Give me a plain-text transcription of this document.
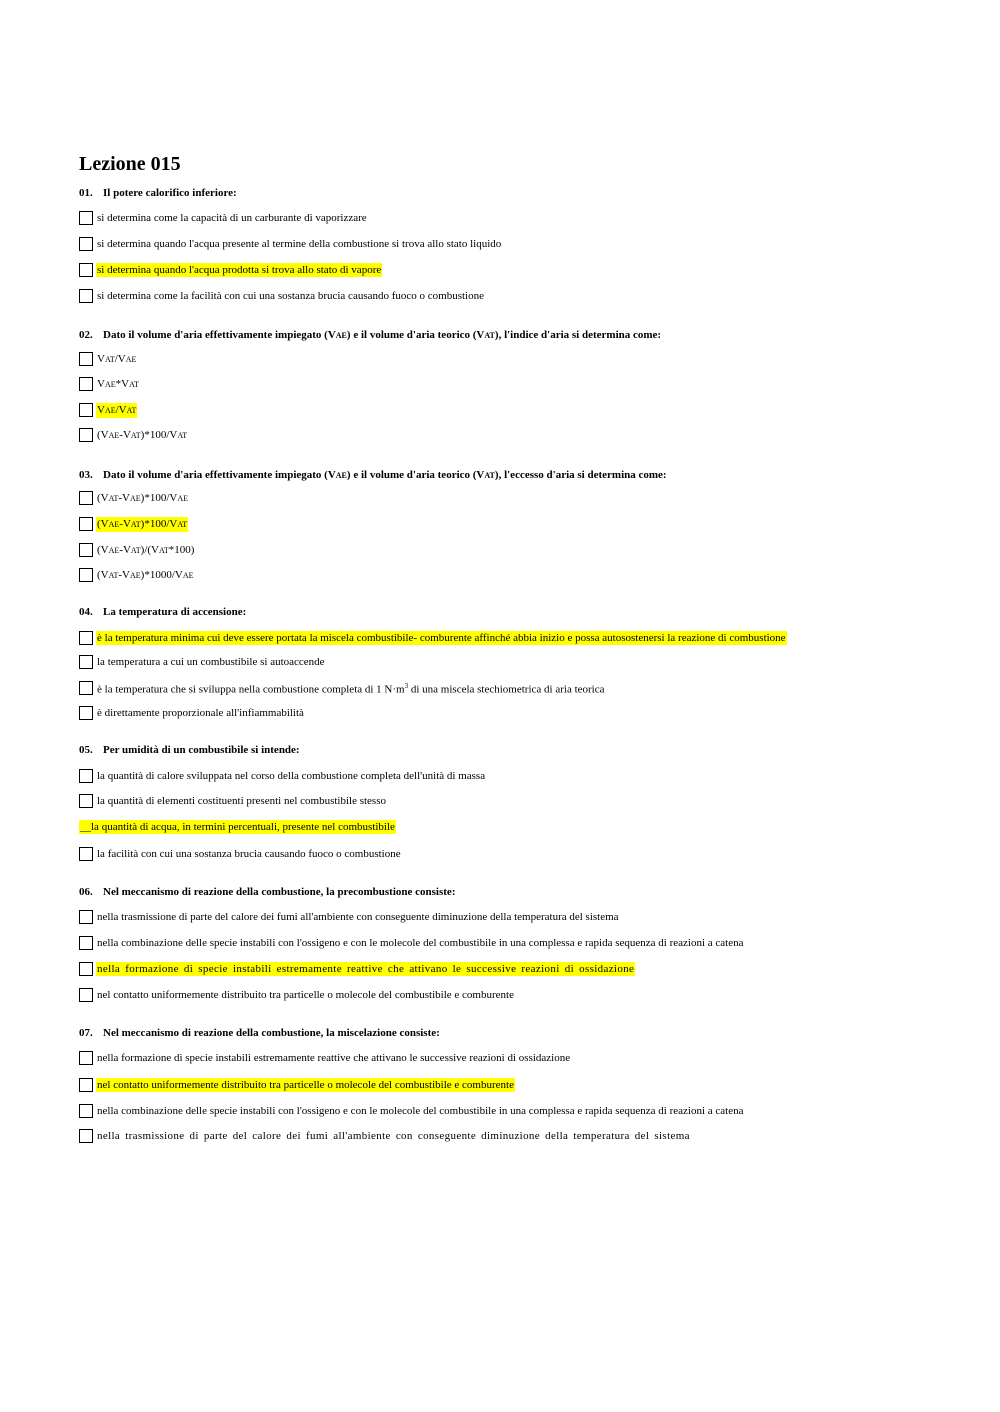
Lezione 015
01. Il potere calorifico inferiore:
si determina come la capacità di un carburante di vaporizzare
si determina quando l'acqua presente al termine della combustione si trova allo stato liquido
si determina quando l'acqua prodotta si trova allo stato di vapore
si determina come la facilità con cui una sostanza brucia causando fuoco o combustione
02. Dato il volume d'aria effettivamente impiegato (VAE) e il volume d'aria teorico (VAT), l'indice d'aria si determina come:
VAT/VAE
VAE*VAT
VAE/VAT
(VAE-VAT)*100/VAT
03. Dato il volume d'aria effettivamente impiegato (VAE) e il volume d'aria teorico (VAT), l'eccesso d'aria si determina come:
(VAT-VAE)*100/VAE
(VAE-VAT)*100/VAT
(VAE-VAT)/(VAT*100)
(VAT-VAE)*1000/VAE
04. La temperatura di accensione:
è la temperatura minima cui deve essere portata la miscela combustibile- comburente affinché abbia inizio e possa autosostenersi la reazione di combustione
la temperatura a cui un combustibile si autoaccende
è la temperatura che si sviluppa nella combustione completa di 1 $N\cdot m^3$ di una miscela stechiometrica di aria teorica
è direttamente proporzionale all'infiammabilità
05. Per umidità di un combustibile si intende:
la quantità di calore sviluppata nel corso della combustione completa dell'unità di massa
la quantità di elementi costituenti presenti nel combustibile stesso
__la quantità di acqua, in termini percentuali, presente nel combustibile
la facilità con cui una sostanza brucia causando fuoco o combustione
06. Nel meccanismo di reazione della combustione, la precombustione consiste:
nella trasmissione di parte del calore dei fumi all'ambiente con conseguente diminuzione della temperatura del sistema
nella combinazione delle specie instabili con l'ossigeno e con le molecole del combustibile in una complessa e rapida sequenza di reazioni a catena
nella formazione di specie instabili estremamente reattive che attivano le successive reazioni di ossidazione
nel contatto uniformemente distribuito tra particelle o molecole del combustibile e comburente
07. Nel meccanismo di reazione della combustione, la miscelazione consiste:
nella formazione di specie instabili estremamente reattive che attivano le successive reazioni di ossidazione
nel contatto uniformemente distribuito tra particelle o molecole del combustibile e comburente
nella combinazione delle specie instabili con l'ossigeno e con le molecole del combustibile in una complessa e rapida sequenza di reazioni a catena
nella trasmissione di parte del calore dei fumi all'ambiente con conseguente diminuzione della temperatura del sistema
